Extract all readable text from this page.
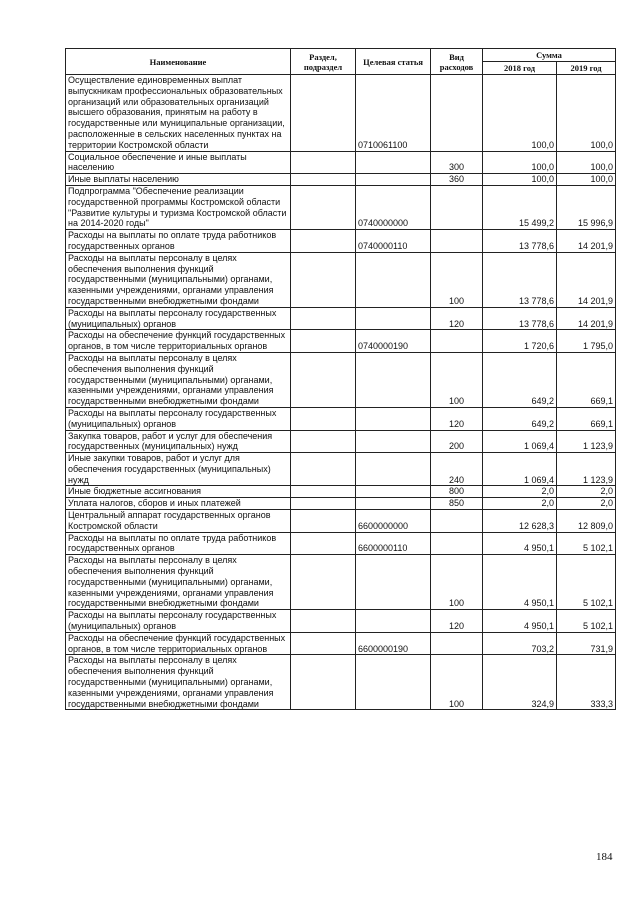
Наименование	Раздел, подраздел	Целевая статья	Вид расходов	Сумма	
				2018 год	2019 год
Осуществление единовременных выплат выпускникам профессиональных образовательных организаций или образовательных организаций высшего образования, принятым на работу в государственные или муниципальные организации, расположенные в сельских населенных пунктах на территории Костромской области		0710061100		100,0	100,0
Социальное обеспечение и иные выплаты населению			300	100,0	100,0
Иные выплаты населению			360	100,0	100,0
Подпрограмма "Обеспечение реализации государственной программы Костромской области "Развитие культуры и туризма Костромской области на 2014-2020 годы"		0740000000		15 499,2	15 996,9
Расходы на выплаты по оплате труда работников государственных органов		0740000110		13 778,6	14 201,9
Расходы на выплаты персоналу в целях обеспечения выполнения функций государственными (муниципальными) органами, казенными учреждениями, органами управления государственными внебюджетными фондами			100	13 778,6	14 201,9
Расходы на выплаты персоналу государственных (муниципальных) органов			120	13 778,6	14 201,9
Расходы на обеспечение функций государственных органов, в том числе территориальных органов		0740000190		1 720,6	1 795,0
Расходы на выплаты персоналу в целях обеспечения выполнения функций государственными (муниципальными) органами, казенными учреждениями, органами управления государственными внебюджетными фондами			100	649,2	669,1
Расходы на выплаты персоналу государственных (муниципальных) органов			120	649,2	669,1
Закупка товаров, работ и услуг для обеспечения государственных (муниципальных) нужд			200	1 069,4	1 123,9
Иные закупки товаров, работ и услуг для обеспечения государственных (муниципальных) нужд			240	1 069,4	1 123,9
Иные бюджетные ассигнования			800	2,0	2,0
Уплата налогов, сборов и иных платежей			850	2,0	2,0
Центральный аппарат государственных органов Костромской области		6600000000		12 628,3	12 809,0
Расходы на выплаты по оплате труда работников государственных органов		6600000110		4 950,1	5 102,1
Расходы на выплаты персоналу в целях обеспечения выполнения функций государственными (муниципальными) органами, казенными учреждениями, органами управления государственными внебюджетными фондами			100	4 950,1	5 102,1
Расходы на выплаты персоналу государственных (муниципальных) органов			120	4 950,1	5 102,1
Расходы на обеспечение функций государственных органов, в том числе территориальных органов		6600000190		703,2	731,9
Расходы на выплаты персоналу в целях обеспечения выполнения функций государственными (муниципальными) органами, казенными учреждениями, органами управления государственными внебюджетными фондами			100	324,9	333,3
184
